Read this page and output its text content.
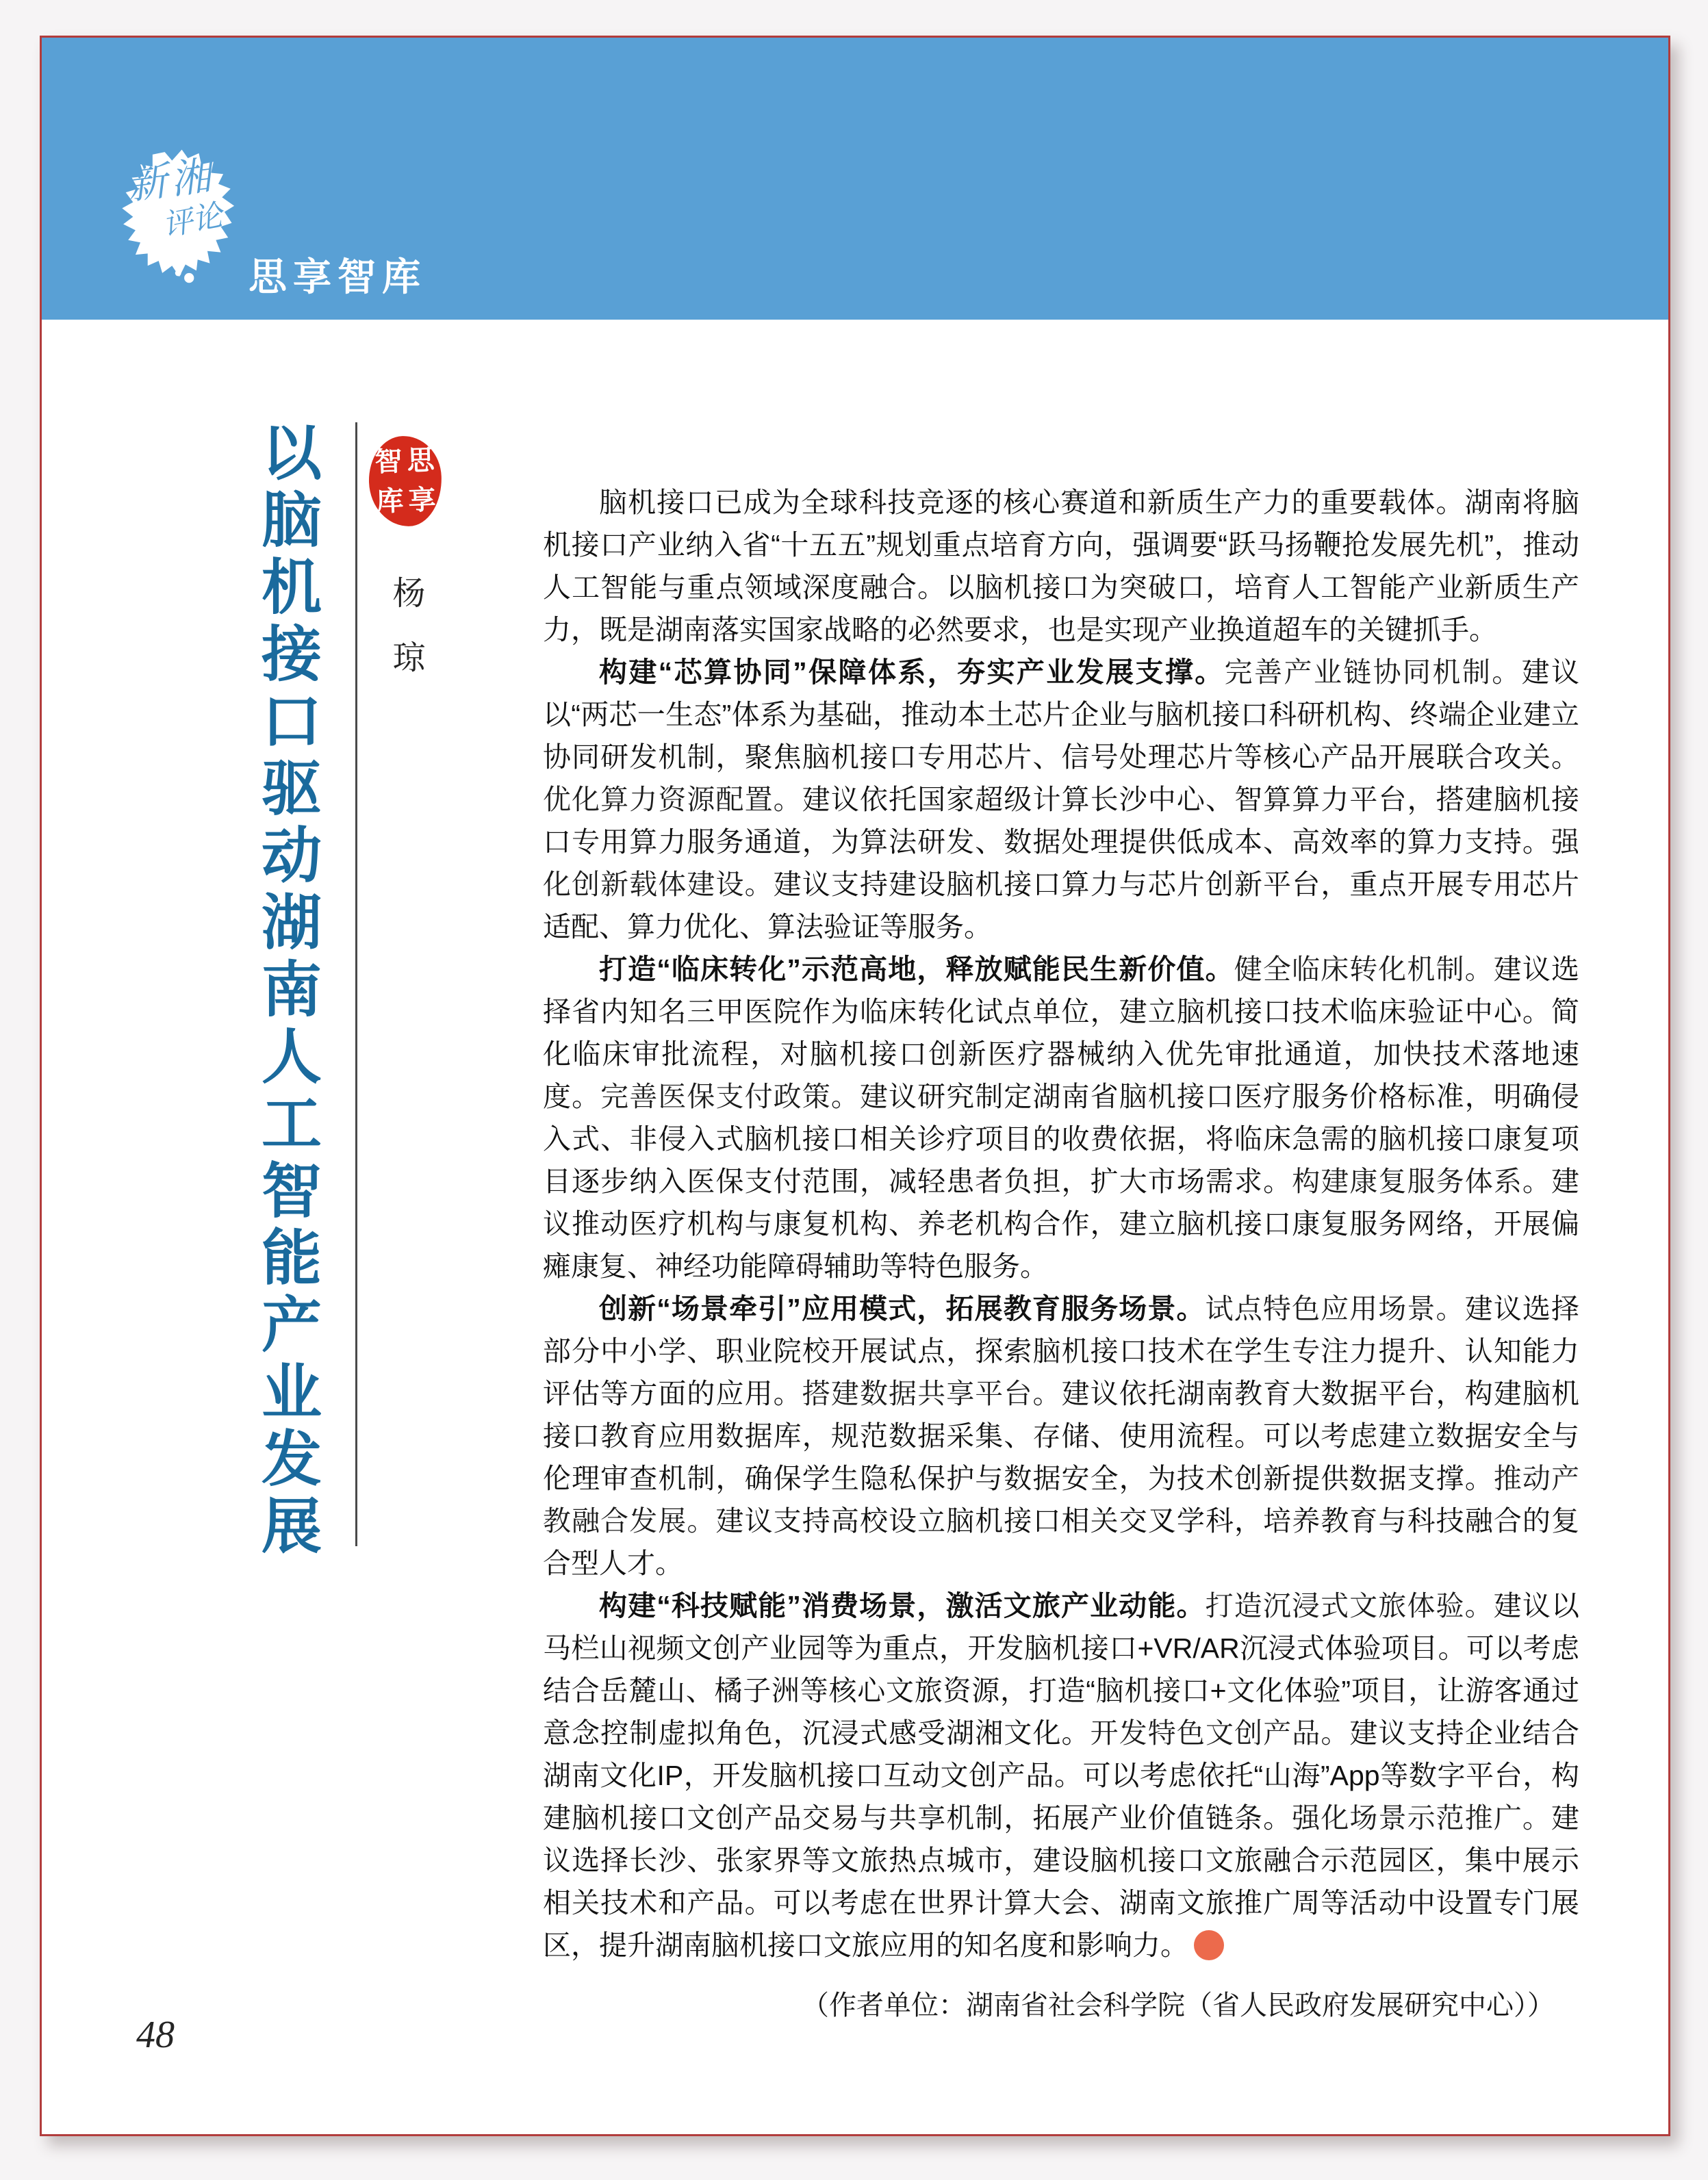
新湘
评论
思享智库
以脑机接口驱动湖南人工智能产业发展 智 思
库 享
杨琼

脑机接口已成为全球科技竞逐的核心赛道和新质生产力的重要载体。湖南将脑机接口产业纳入省“十五五”规划重点培育方向，强调要“跃马扬鞭抢发展先机”，推动人工智能与重点领域深度融合。以脑机接口为突破口，培育人工智能产业新质生产力，既是湖南落实国家战略的必然要求，也是实现产业换道超车的关键抓手。

构建“芯算协同”保障体系，夯实产业发展支撑。完善产业链协同机制。建议以“两芯一生态”体系为基础，推动本土芯片企业与脑机接口科研机构、终端企业建立协同研发机制，聚焦脑机接口专用芯片、信号处理芯片等核心产品开展联合攻关。优化算力资源配置。建议依托国家超级计算长沙中心、智算算力平台，搭建脑机接口专用算力服务通道，为算法研发、数据处理提供低成本、高效率的算力支持。强化创新载体建设。建议支持建设脑机接口算力与芯片创新平台，重点开展专用芯片适配、算力优化、算法验证等服务。

打造“临床转化”示范高地，释放赋能民生新价值。健全临床转化机制。建议选择省内知名三甲医院作为临床转化试点单位，建立脑机接口技术临床验证中心。简化临床审批流程，对脑机接口创新医疗器械纳入优先审批通道，加快技术落地速度。完善医保支付政策。建议研究制定湖南省脑机接口医疗服务价格标准，明确侵入式、非侵入式脑机接口相关诊疗项目的收费依据，将临床急需的脑机接口康复项目逐步纳入医保支付范围，减轻患者负担，扩大市场需求。构建康复服务体系。建议推动医疗机构与康复机构、养老机构合作，建立脑机接口康复服务网络，开展偏瘫康复、神经功能障碍辅助等特色服务。

创新“场景牵引”应用模式，拓展教育服务场景。试点特色应用场景。建议选择部分中小学、职业院校开展试点，探索脑机接口技术在学生专注力提升、认知能力评估等方面的应用。搭建数据共享平台。建议依托湖南教育大数据平台，构建脑机接口教育应用数据库，规范数据采集、存储、使用流程。可以考虑建立数据安全与伦理审查机制，确保学生隐私保护与数据安全，为技术创新提供数据支撑。推动产教融合发展。建议支持高校设立脑机接口相关交叉学科，培养教育与科技融合的复合型人才。

构建“科技赋能”消费场景，激活文旅产业动能。打造沉浸式文旅体验。建议以马栏山视频文创产业园等为重点，开发脑机接口+VR/AR沉浸式体验项目。可以考虑结合岳麓山、橘子洲等核心文旅资源，打造“脑机接口+文化体验”项目，让游客通过意念控制虚拟角色，沉浸式感受湖湘文化。开发特色文创产品。建议支持企业结合湖南文化IP，开发脑机接口互动文创产品。可以考虑依托“山海”App等数字平台，构建脑机接口文创产品交易与共享机制，拓展产业价值链条。强化场景示范推广。建议选择长沙、张家界等文旅热点城市，建设脑机接口文旅融合示范园区，集中展示相关技术和产品。可以考虑在世界计算大会、湖南文旅推广周等活动中设置专门展区，提升湖南脑机接口文旅应用的知名度和影响力。n

（作者单位：湖南省社会科学院（省人民政府发展研究中心））

48
